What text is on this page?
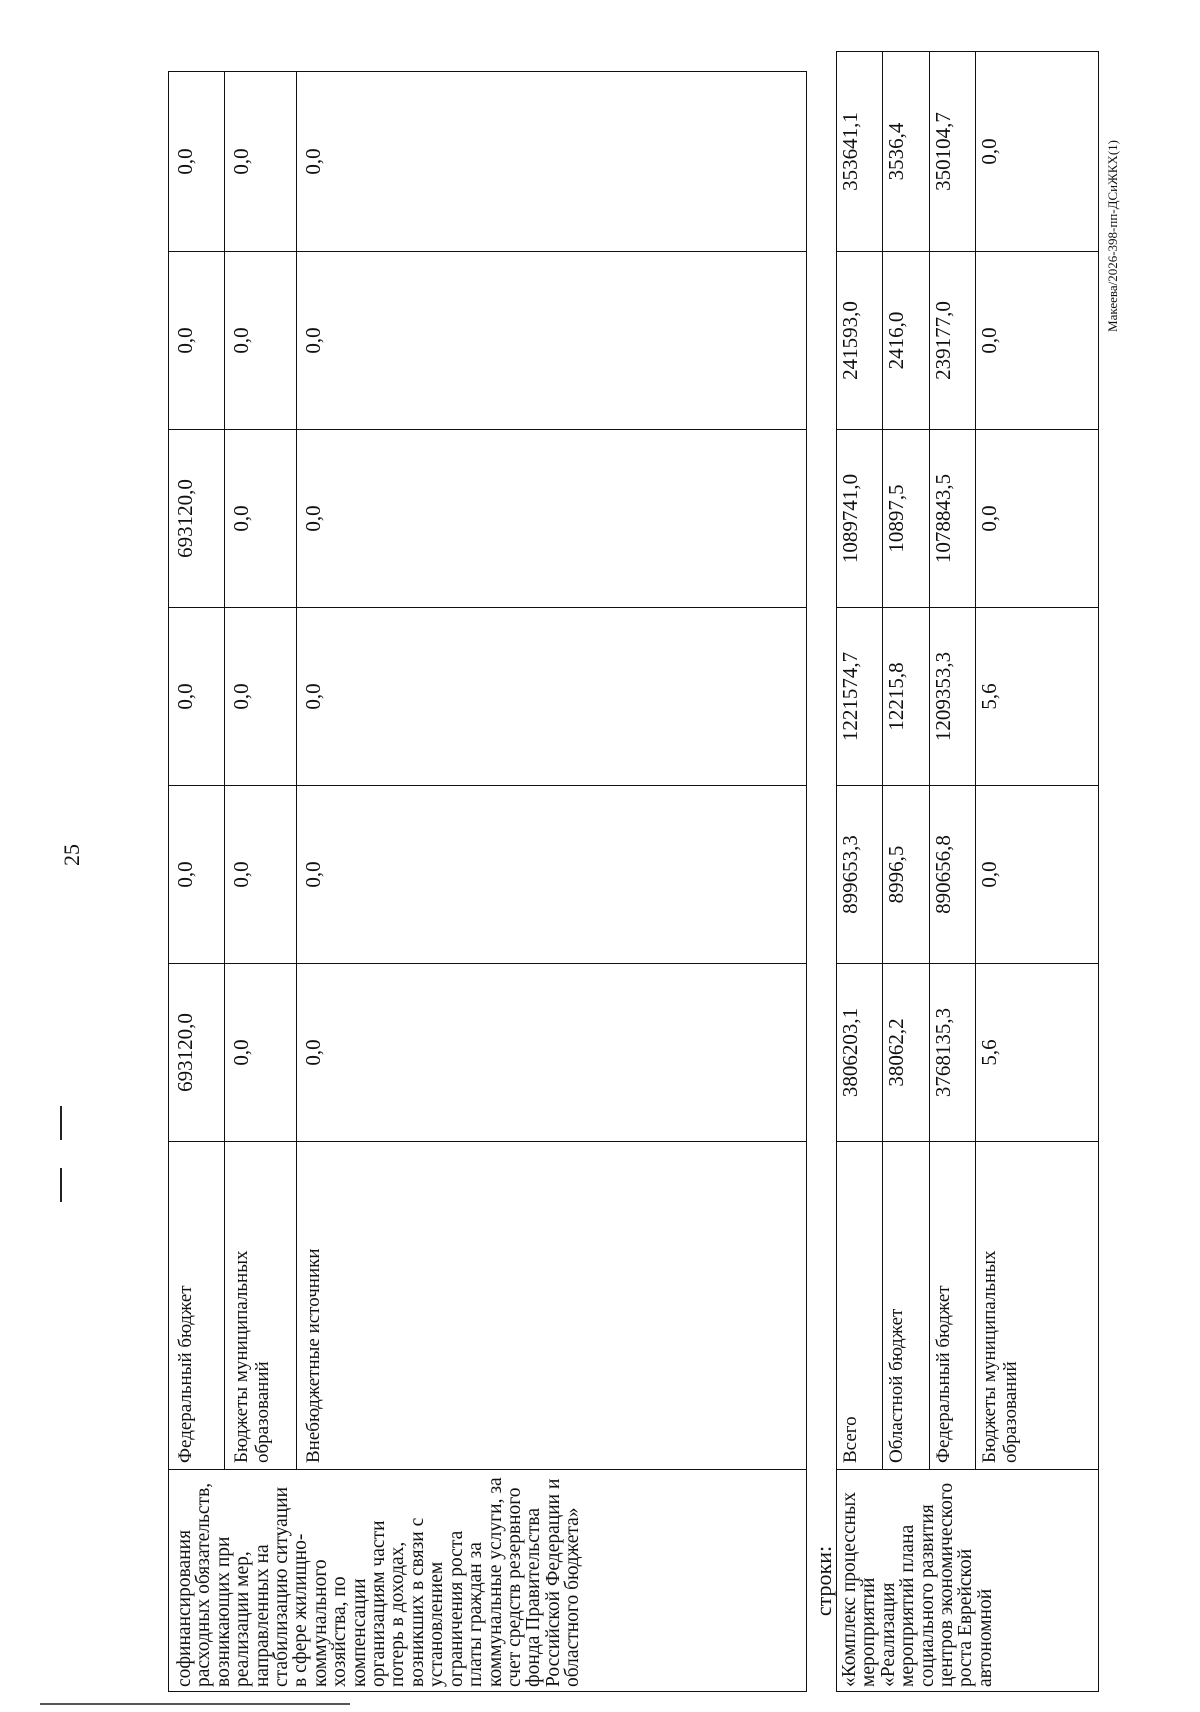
25
Макеева/2026-398-пп-ДСиЖКХ(1)
софинансирования расходных обязательств, возникающих при реализации мер, направленных на стабилизацию ситуации в сфере жилищно-коммунального хозяйства, по компенсации организациям части потерь в доходах, возникших в связи с установлением ограничения роста платы граждан за коммунальные услуги, за счет средств резервного фонда Правительства Российской Федерации и областного бюджета»	Федеральный бюджет	693120,0	0,0	0,0	693120,0	0,0	0,0
	Бюджеты муниципальных образований	0,0	0,0	0,0	0,0	0,0	0,0
	Внебюджетные источники	0,0	0,0	0,0	0,0	0,0	0,0
строки: «Комплекс процессных мероприятий «Реализация мероприятий плана социального развития центров экономического роста Еврейской автономной	Всего	3806203,1	899653,3	1221574,7	1089741,0	241593,0	353641,1
	Областной бюджет	38062,2	8996,5	12215,8	10897,5	2416,0	3536,4
	Федеральный бюджет	3768135,3	890656,8	1209353,3	1078843,5	239177,0	350104,7
	Бюджеты муниципальных образований	5,6	0,0	5,6	0,0	0,0	0,0
